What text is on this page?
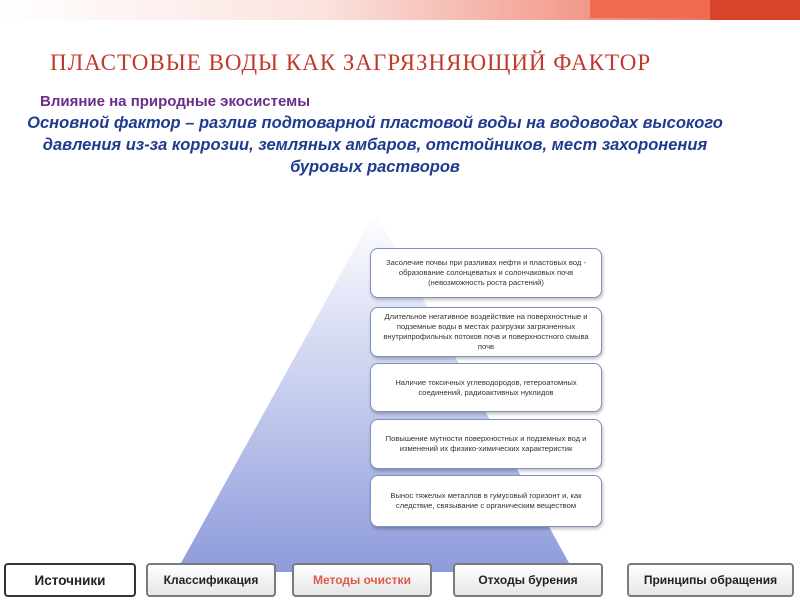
ПЛАСТОВЫЕ ВОДЫ КАК ЗАГРЯЗНЯЮЩИЙ ФАКТОР
Влияние на природные экосистемы
Основной фактор – разлив подтоварной пластовой воды на водоводах высокого давления из-за коррозии, земляных амбаров, отстойников, мест захоронения буровых растворов
Засолечие почвы при разливах нефти и пластовых вод - образование солонцеватых и солончаковых почв (невозможность роста растений)
Длительное негативное воздействие на поверхностные и подземные воды в местах разгрузки загрязненных внутрипрофильных потоков почв и поверхностного смыва почв
Наличие токсичных углеводородов, гетероатомных соединений, радиоактивных нуклидов
Повышение мутности поверхностных и подземных вод и изменений их физико-химических характеристик
Вынос тяжелых металлов в гумусовый горизонт и, как следствие, связывание с органическим веществом
Источники	Классификация	Методы очистки	Отходы бурения	Принципы обращения
